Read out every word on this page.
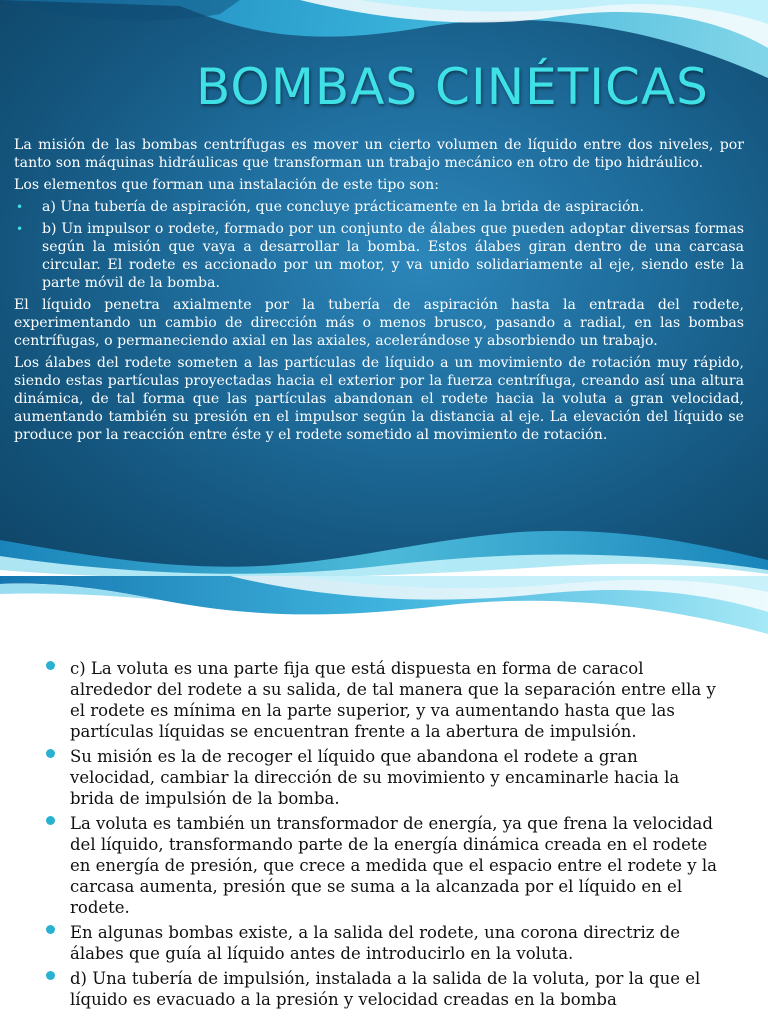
BOMBAS CINÉTICAS

La misión de las bombas centrífugas es mover un cierto volumen de líquido entre dos niveles, por tanto son máquinas hidráulicas que transforman un trabajo mecánico en otro de tipo hidráulico.

Los elementos que forman una instalación de este tipo son:

• a) Una tubería de aspiración, que concluye prácticamente en la brida de aspiración.
• b) Un impulsor o rodete, formado por un conjunto de álabes que pueden adoptar diversas formas según la misión que vaya a desarrollar la bomba. Estos álabes giran dentro de una carcasa circular. El rodete es accionado por un motor, y va unido solidariamente al eje, siendo este la parte móvil de la bomba.

El líquido penetra axialmente por la tubería de aspiración hasta la entrada del rodete, experimentando un cambio de dirección más o menos brusco, pasando a radial, en las bombas centrífugas, o permaneciendo axial en las axiales, acelerándose y absorbiendo un trabajo.

Los álabes del rodete someten a las partículas de líquido a un movimiento de rotación muy rápido, siendo estas partículas proyectadas hacia el exterior por la fuerza centrífuga, creando así una altura dinámica, de tal forma que las partículas abandonan el rodete hacia la voluta a gran velocidad, aumentando también su presión en el impulsor según la distancia al eje. La elevación del líquido se produce por la reacción entre éste y el rodete sometido al movimiento de rotación.

c) La voluta es una parte fija que está dispuesta en forma de caracol alrededor del rodete a su salida, de tal manera que la separación entre ella y el rodete es mínima en la parte superior, y va aumentando hasta que las partículas líquidas se encuentran frente a la abertura de impulsión.
Su misión es la de recoger el líquido que abandona el rodete a gran velocidad, cambiar la dirección de su movimiento y encaminarle hacia la brida de impulsión de la bomba.
La voluta es también un transformador de energía, ya que frena la velocidad del líquido, transformando parte de la energía dinámica creada en el rodete en energía de presión, que crece a medida que el espacio entre el rodete y la carcasa aumenta, presión que se suma a la alcanzada por el líquido en el rodete.
En algunas bombas existe, a la salida del rodete, una corona directriz de álabes que guía al líquido antes de introducirlo en la voluta.
d) Una tubería de impulsión, instalada a la salida de la voluta, por la que el líquido es evacuado a la presión y velocidad creadas en la bomba
